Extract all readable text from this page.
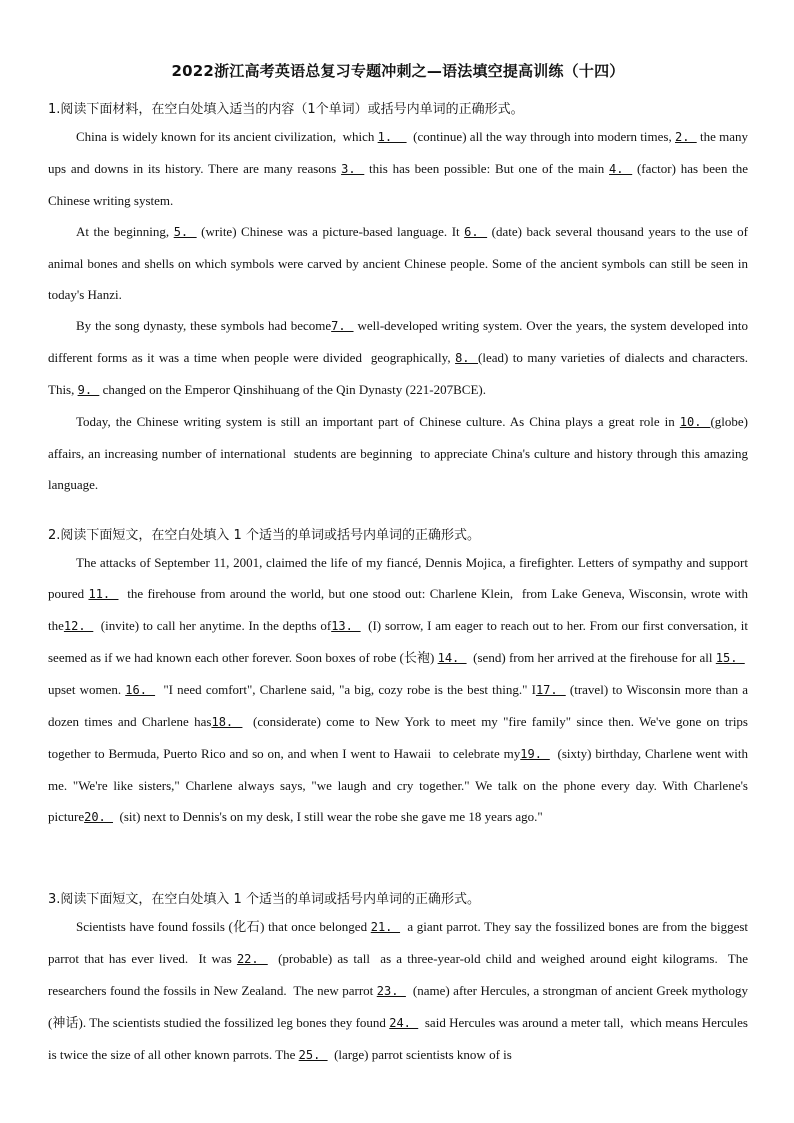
2022浙江高考英语总复习专题冲刺之—语法填空提高训练（十四）
1.阅读下面材料，在空白处填入适当的内容（1个单词）或括号内单词的正确形式。

China is widely known for its ancient civilization,  which 1.    (continue) all the way through into modern times, 2.  the many ups and downs in its history. There are many reasons 3.  this has been possible: But one of the main 4.  (factor) has been the Chinese writing system.

At the beginning, 5.  (write) Chinese was a picture-based language. It 6.  (date) back several thousand years to the use of animal bones and shells on which symbols were carved by ancient Chinese people. Some of the ancient symbols can still be seen in today's Hanzi.

By the song dynasty, these symbols had become7.  well-developed writing system. Over the years, the system developed into different forms as it was a time when people were divided  geographically, 8. (lead) to many varieties of dialects and characters. This, 9.  changed on the Emperor Qinshihuang of the Qin Dynasty (221-207BCE).

Today, the Chinese writing system is still an important part of Chinese culture. As China plays a great role in 10. (globe) affairs, an increasing number of international  students are beginning  to appreciate China's culture and history through this amazing language.

2.阅读下面短文，在空白处填入 1 个适当的单词或括号内单词的正确形式。

The attacks of September 11, 2001, claimed the life of my fiancé, Dennis Mojica, a firefighter. Letters of sympathy and support poured 11.   the firehouse from around the world, but one stood out: Charlene Klein,  from Lake Geneva, Wisconsin, wrote with the12.   (invite) to call her anytime. In the depths of13.   (I) sorrow, I am eager to reach out to her. From our first conversation, it seemed as if we had known each other forever. Soon boxes of robe (长袍) 14.   (send) from her arrived at the firehouse for all 15.   upset women. 16.   "I need comfort", Charlene said, "a big, cozy robe is the best thing." I17.  (travel) to Wisconsin more than a dozen times and Charlene has18.   (considerate) come to New York to meet my "fire family" since then. We've gone on trips together to Bermuda, Puerto Rico and so on, and when I went to Hawaii  to celebrate my19.   (sixty) birthday, Charlene went with me. "We're like sisters," Charlene always says, "we laugh and cry together." We talk on the phone every day. With Charlene's picture20.   (sit) next to Dennis's on my desk, I still wear the robe she gave me 18 years ago."

3.阅读下面短文，在空白处填入 1 个适当的单词或括号内单词的正确形式。

Scientists have found fossils (化石) that once belonged 21.   a giant parrot. They say the fossilized bones are from the biggest parrot that has ever lived.  It was 22.   (probable) as tall  as a three-year-old child and weighed around eight kilograms.  The researchers found the fossils in New Zealand.  The new parrot 23.   (name) after Hercules, a strongman of ancient Greek mythology (神话). The scientists studied the fossilized leg bones they found 24.   said Hercules was around a meter tall,  which means Hercules is twice the size of all other known parrots. The 25.   (large) parrot scientists know of is
